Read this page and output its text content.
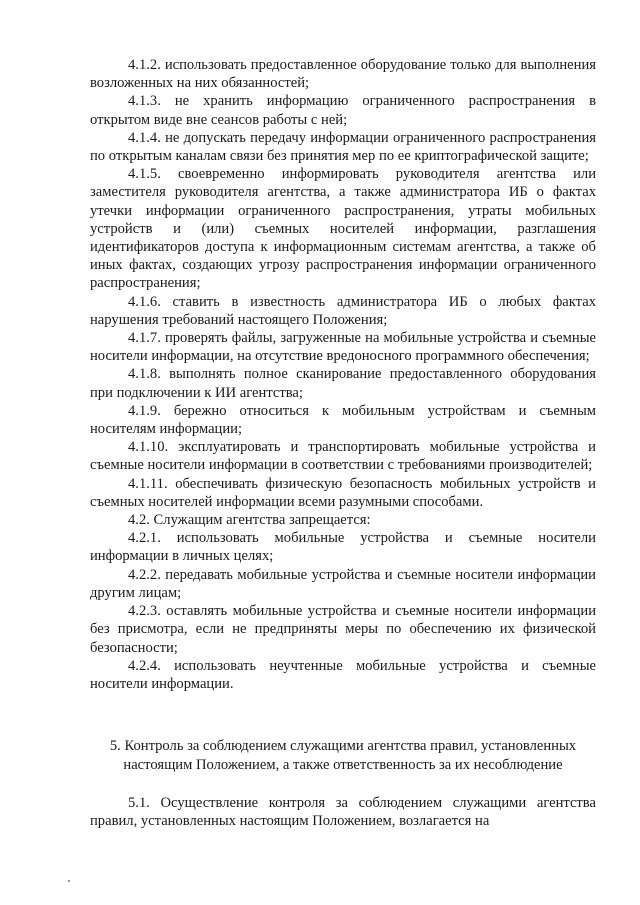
4.1.2. использовать предоставленное оборудование только для выполнения возложенных на них обязанностей;

4.1.3. не хранить информацию ограниченного распространения в открытом виде вне сеансов работы с ней;

4.1.4. не допускать передачу информации ограниченного распространения по открытым каналам связи без принятия мер по ее криптографической защите;

4.1.5. своевременно информировать руководителя агентства или заместителя руководителя агентства, а также администратора ИБ о фактах утечки информации ограниченного распространения, утраты мобильных устройств и (или) съемных носителей информации, разглашения идентификаторов доступа к информационным системам агентства, а также об иных фактах, создающих угрозу распространения информации ограниченного распространения;

4.1.6. ставить в известность администратора ИБ о любых фактах нарушения требований настоящего Положения;

4.1.7. проверять файлы, загруженные на мобильные устройства и съемные носители информации, на отсутствие вредоносного программного обеспечения;

4.1.8. выполнять полное сканирование предоставленного оборудования при подключении к ИИ агентства;

4.1.9. бережно относиться к мобильным устройствам и съемным носителям информации;

4.1.10. эксплуатировать и транспортировать мобильные устройства и съемные носители информации в соответствии с требованиями производителей;

4.1.11. обеспечивать физическую безопасность мобильных устройств и съемных носителей информации всеми разумными способами.

4.2. Служащим агентства запрещается:

4.2.1. использовать мобильные устройства и съемные носители информации в личных целях;

4.2.2. передавать мобильные устройства и съемные носители информации другим лицам;

4.2.3. оставлять мобильные устройства и съемные носители информации без присмотра, если не предприняты меры по обеспечению их физической безопасности;

4.2.4. использовать неучтенные мобильные устройства и съемные носители информации.

5. Контроль за соблюдением служащими агентства правил, установленных настоящим Положением, а также ответственность за их несоблюдение

5.1. Осуществление контроля за соблюдением служащими агентства правил, установленных настоящим Положением, возлагается на
